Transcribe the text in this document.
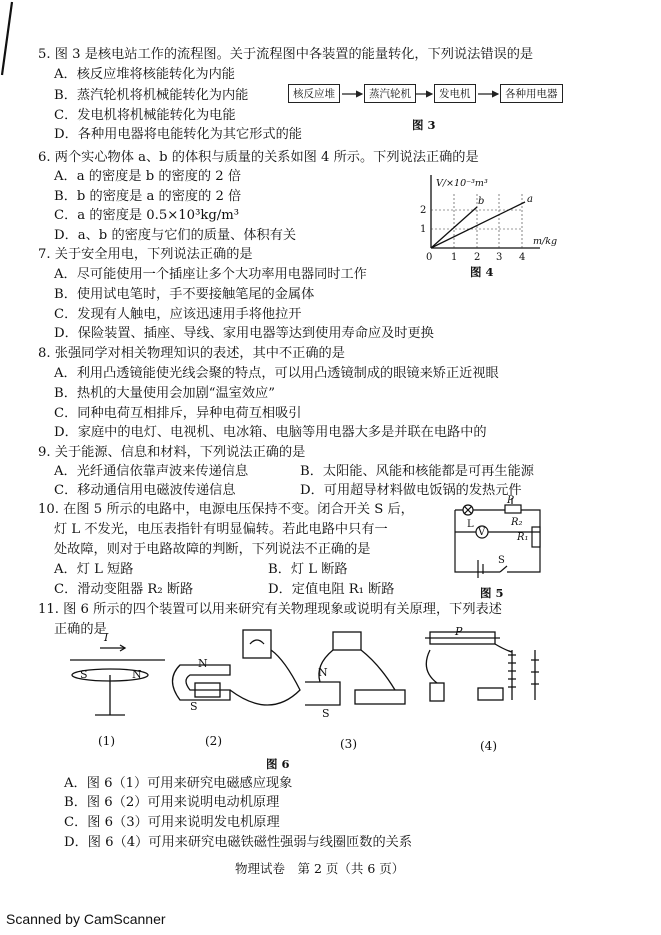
5. 图 3 是核电站工作的流程图。关于流程图中各装置的能量转化，下列说法错误的是
A．核反应堆将核能转化为内能
B．蒸汽轮机将机械能转化为内能
C．发电机将机械能转化为电能
D．各种用电器将电能转化为其它形式的能
核反应堆	蒸汽轮机	发电机	各种用电器
图 3
6. 两个实心物体 a、b 的体积与质量的关系如图 4 所示。下列说法正确的是
A．a 的密度是 b 的密度的 2 倍
B．b 的密度是 a 的密度的 2 倍
C．a 的密度是 0.5×10³kg/m³
D．a、b 的密度与它们的质量、体积有关
V/×10⁻³m³
m/kg
2
1
0 1 2 3 4
b	a
图 4
7. 关于安全用电，下列说法正确的是
A．尽可能使用一个插座让多个大功率用电器同时工作
B．使用试电笔时，手不要接触笔尾的金属体
C．发现有人触电，应该迅速用手将他拉开
D．保险装置、插座、导线、家用电器等达到使用寿命应及时更换
8. 张强同学对相关物理知识的表述，其中不正确的是
A．利用凸透镜能使光线会聚的特点，可以用凸透镜制成的眼镜来矫正近视眼
B．热机的大量使用会加剧“温室效应”
C．同种电荷互相排斥，异种电荷互相吸引
D．家庭中的电灯、电视机、电冰箱、电脑等用电器大多是并联在电路中的
9. 关于能源、信息和材料，下列说法正确的是
A．光纤通信依靠声波来传递信息	B．太阳能、风能和核能都是可再生能源
C．移动通信用电磁波传递信息	D．可用超导材料做电饭锅的发热元件
10. 在图 5 所示的电路中，电源电压保持不变。闭合开关 S 后，
灯 L 不发光，电压表指针有明显偏转。若此电路中只有一
处故障，则对于电路故障的判断，下列说法不正确的是
A．灯 L 短路	B．灯 L 断路
C．滑动变阻器 R₂ 断路	D．定值电阻 R₁ 断路
P
L	R₂
V	R₁
S
图 5
11. 图 6 所示的四个装置可以用来研究有关物理现象或说明有关原理，下列表述
正确的是
I
S	N
N
S
N
S
P
(1)	(2)	(3)	(4)
图 6
A．图 6（1）可用来研究电磁感应现象
B．图 6（2）可用来说明电动机原理
C．图 6（3）可用来说明发电机原理
D．图 6（4）可用来研究电磁铁磁性强弱与线圈匝数的关系
物理试卷　第 2 页（共 6 页）
Scanned by CamScanner
